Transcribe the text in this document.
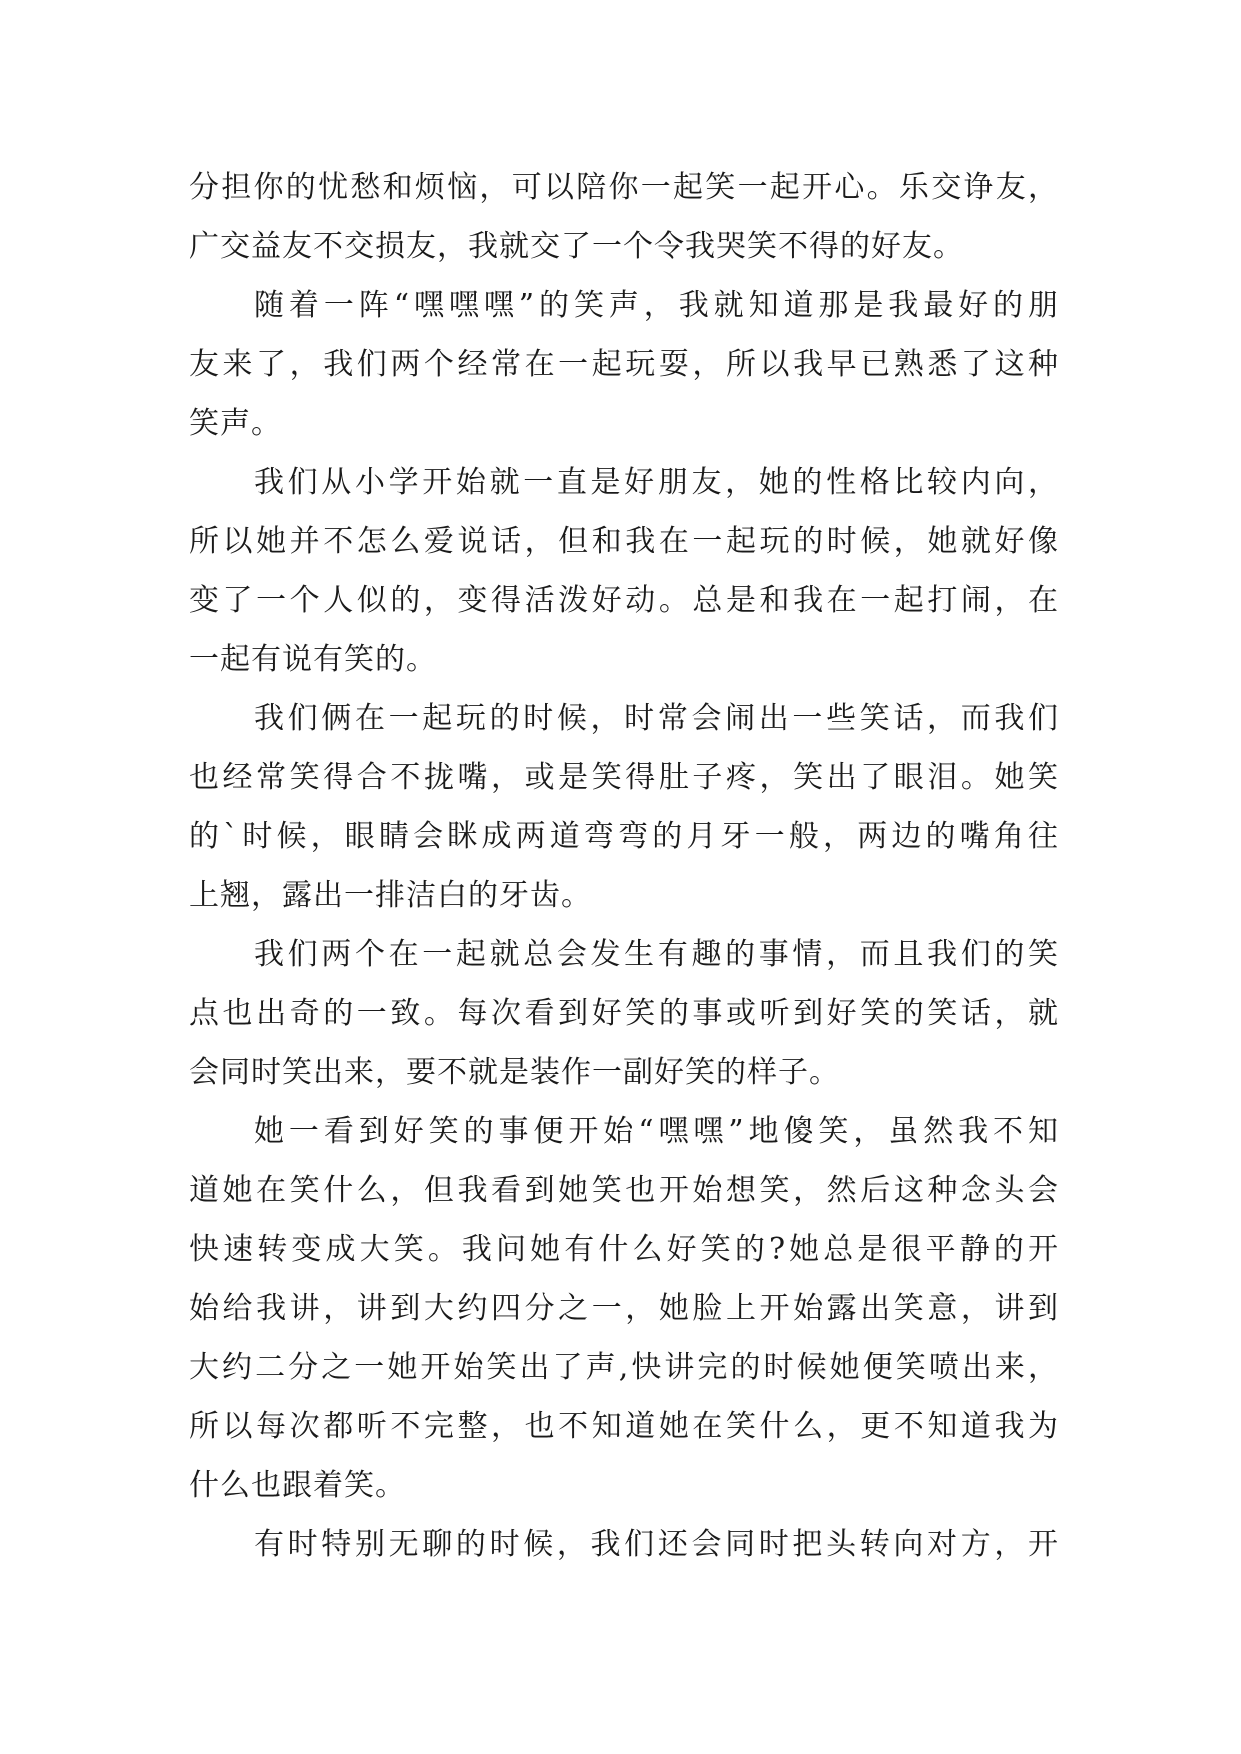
分担你的忧愁和烦恼，可以陪你一起笑一起开心。乐交诤友，
广交益友不交损友，我就交了一个令我哭笑不得的好友。
随着一阵“嘿嘿嘿”的笑声，我就知道那是我最好的朋
友来了，我们两个经常在一起玩耍，所以我早已熟悉了这种
笑声。
我们从小学开始就一直是好朋友，她的性格比较内向，
所以她并不怎么爱说话，但和我在一起玩的时候，她就好像
变了一个人似的，变得活泼好动。总是和我在一起打闹，在
一起有说有笑的。
我们俩在一起玩的时候，时常会闹出一些笑话，而我们
也经常笑得合不拢嘴，或是笑得肚子疼，笑出了眼泪。她笑
的`时候，眼睛会眯成两道弯弯的月牙一般，两边的嘴角往
上翘，露出一排洁白的牙齿。
我们两个在一起就总会发生有趣的事情，而且我们的笑
点也出奇的一致。每次看到好笑的事或听到好笑的笑话，就
会同时笑出来，要不就是装作一副好笑的样子。
她一看到好笑的事便开始“嘿嘿”地傻笑，虽然我不知
道她在笑什么，但我看到她笑也开始想笑，然后这种念头会
快速转变成大笑。我问她有什么好笑的?她总是很平静的开
始给我讲，讲到大约四分之一，她脸上开始露出笑意，讲到
大约二分之一她开始笑出了声,快讲完的时候她便笑喷出来，
所以每次都听不完整，也不知道她在笑什么，更不知道我为
什么也跟着笑。
有时特别无聊的时候，我们还会同时把头转向对方，开
